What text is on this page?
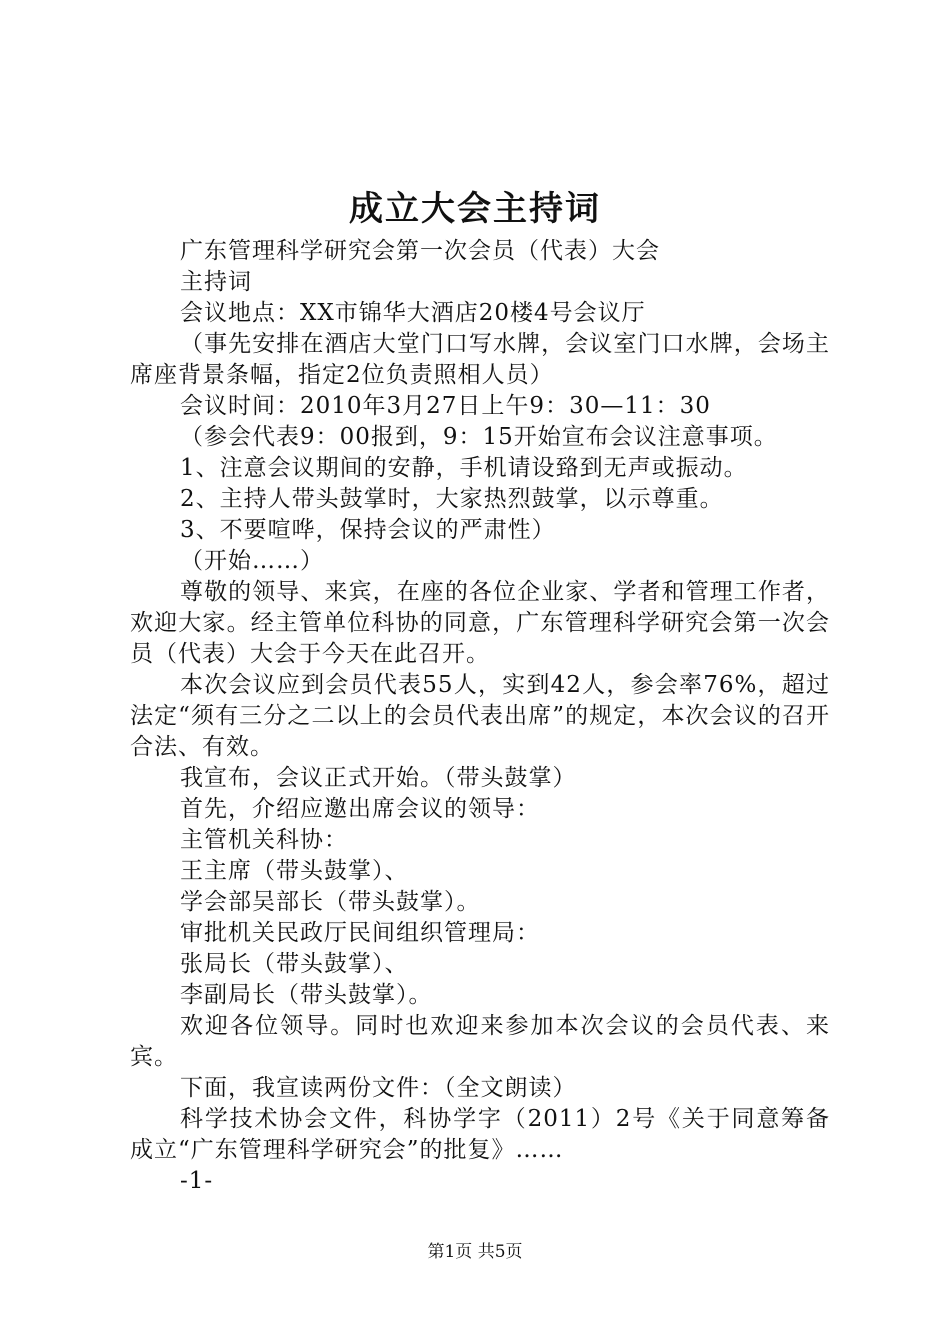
成立大会主持词

广东管理科学研究会第一次会员（代表）大会

主持词

会议地点：XX市锦华大酒店20楼4号会议厅

（事先安排在酒店大堂门口写水牌，会议室门口水牌，会场主席座背景条幅，指定2位负责照相人员）

会议时间：2010年3月27日上午9：30—11：30

（参会代表9：00报到，9：15开始宣布会议注意事项。

1、注意会议期间的安静，手机请设臵到无声或振动。

2、主持人带头鼓掌时，大家热烈鼓掌，以示尊重。

3、不要喧哗，保持会议的严肃性）

（开始……）

尊敬的领导、来宾，在座的各位企业家、学者和管理工作者，欢迎大家。经主管单位科协的同意，广东管理科学研究会第一次会员（代表）大会于今天在此召开。

本次会议应到会员代表55人，实到42人，参会率76%，超过法定“须有三分之二以上的会员代表出席”的规定，本次会议的召开合法、有效。

我宣布，会议正式开始。（带头鼓掌）

首先，介绍应邀出席会议的领导：

主管机关科协：

王主席（带头鼓掌）、

学会部吴部长（带头鼓掌）。

审批机关民政厅民间组织管理局：

张局长（带头鼓掌）、

李副局长（带头鼓掌）。

欢迎各位领导。同时也欢迎来参加本次会议的会员代表、来宾。

下面，我宣读两份文件：（全文朗读）

科学技术协会文件，科协学字（2011）2号《关于同意筹备成立“广东管理科学研究会”的批复》……

-1-

第1页 共5页
